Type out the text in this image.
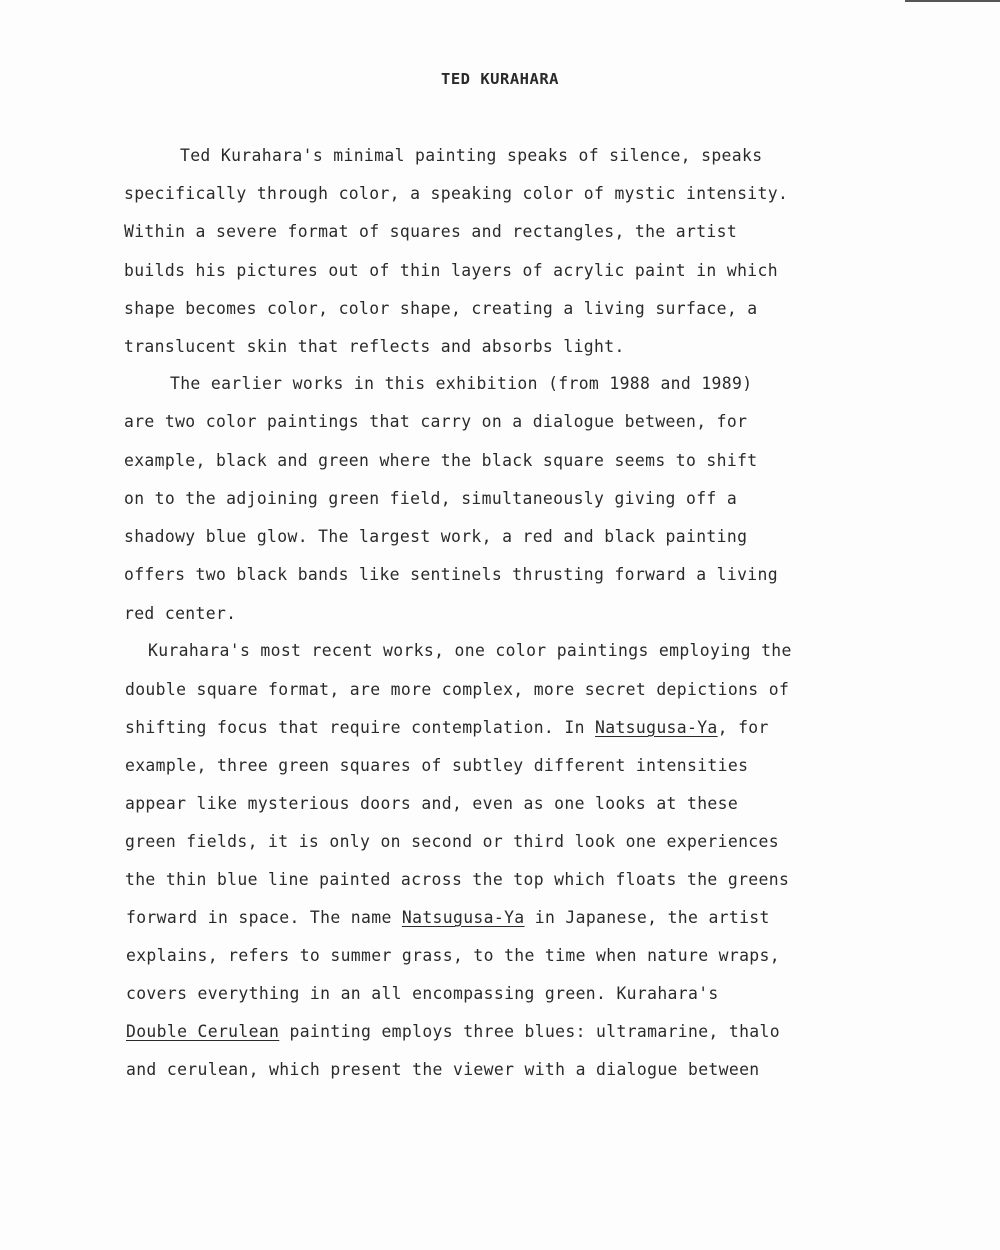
TED KURAHARA

Ted Kurahara's minimal painting speaks of silence, speaks

specifically through color, a speaking color of mystic intensity.

Within a severe format of squares and rectangles, the artist

builds his pictures out of thin layers of acrylic paint in which

shape becomes color, color shape, creating a living surface, a

translucent skin that reflects and absorbs light.

The earlier works in this exhibition (from 1988 and 1989)

are two color paintings that carry on a dialogue between, for

example, black and green where the black square seems to shift

on to the adjoining green field, simultaneously giving off a

shadowy blue glow. The largest work, a red and black painting

offers two black bands like sentinels thrusting forward a living

red center.

Kurahara's most recent works, one color paintings employing the

double square format, are more complex, more secret depictions of

shifting focus that require contemplation. In Natsugusa-Ya, for

example, three green squares of subtley different intensities

appear like mysterious doors and, even as one looks at these

green fields, it is only on second or third look one experiences

the thin blue line painted across the top which floats the greens

forward in space. The name Natsugusa-Ya in Japanese, the artist

explains, refers to summer grass, to the time when nature wraps,

covers everything in an all encompassing green. Kurahara's

Double Cerulean painting employs three blues: ultramarine, thalo

and cerulean, which present the viewer with a dialogue between
